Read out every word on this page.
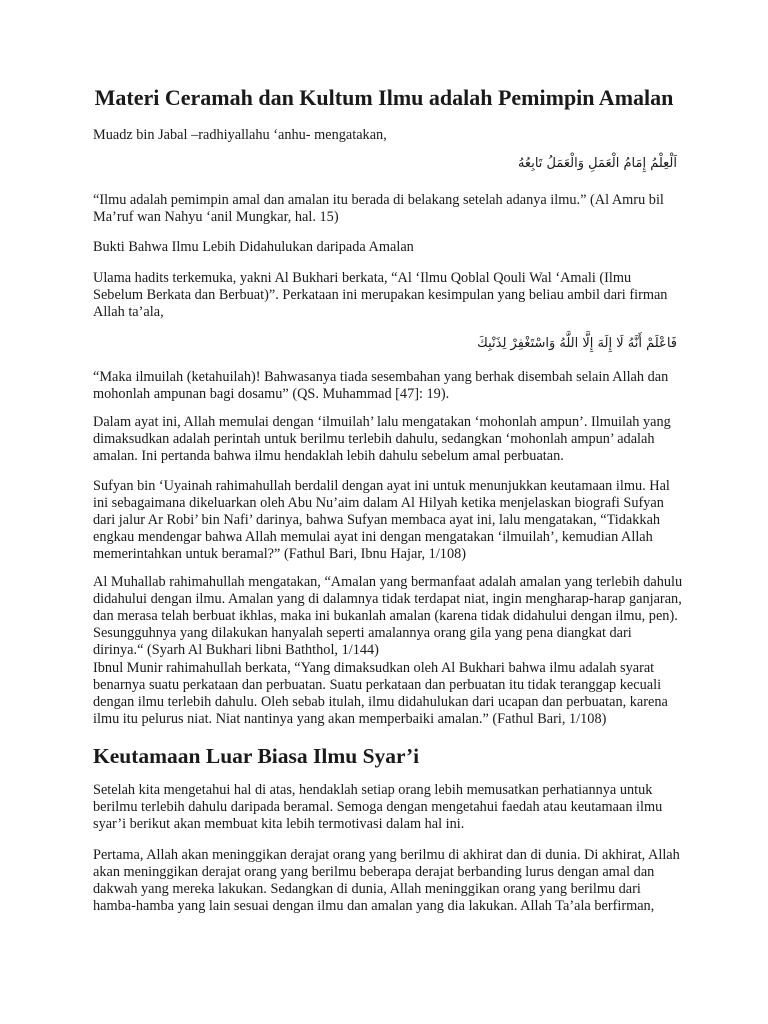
Materi Ceramah dan Kultum Ilmu adalah Pemimpin Amalan

Muadz bin Jabal –radhiyallahu ‘anhu- mengatakan,

اَلْعِلْمُ إِمَامُ الْعَمَلِ وَالْعَمَلُ تَابِعُهُ

“Ilmu adalah pemimpin amal dan amalan itu berada di belakang setelah adanya ilmu.” (Al Amru bil Ma’ruf wan Nahyu ‘anil Mungkar, hal. 15)

Bukti Bahwa Ilmu Lebih Didahulukan daripada Amalan

Ulama hadits terkemuka, yakni Al Bukhari berkata, “Al ‘Ilmu Qoblal Qouli Wal ‘Amali (Ilmu Sebelum Berkata dan Berbuat)”. Perkataan ini merupakan kesimpulan yang beliau ambil dari firman Allah ta’ala,

فَاعْلَمْ أَنَّهُ لَا إِلَهَ إِلَّا اللَّهُ وَاسْتَغْفِرْ لِذَنْبِكَ

“Maka ilmuilah (ketahuilah)! Bahwasanya tiada sesembahan yang berhak disembah selain Allah dan mohonlah ampunan bagi dosamu” (QS. Muhammad [47]: 19).

Dalam ayat ini, Allah memulai dengan ‘ilmuilah’ lalu mengatakan ‘mohonlah ampun’. Ilmuilah yang dimaksudkan adalah perintah untuk berilmu terlebih dahulu, sedangkan ‘mohonlah ampun’ adalah amalan. Ini pertanda bahwa ilmu hendaklah lebih dahulu sebelum amal perbuatan.

Sufyan bin ‘Uyainah rahimahullah berdalil dengan ayat ini untuk menunjukkan keutamaan ilmu. Hal ini sebagaimana dikeluarkan oleh Abu Nu’aim dalam Al Hilyah ketika menjelaskan biografi Sufyan dari jalur Ar Robi’ bin Nafi’ darinya, bahwa Sufyan membaca ayat ini, lalu mengatakan, “Tidakkah engkau mendengar bahwa Allah memulai ayat ini dengan mengatakan ‘ilmuilah’, kemudian Allah memerintahkan untuk beramal?” (Fathul Bari, Ibnu Hajar, 1/108)

Al Muhallab rahimahullah mengatakan, “Amalan yang bermanfaat adalah amalan yang terlebih dahulu didahului dengan ilmu. Amalan yang di dalamnya tidak terdapat niat, ingin mengharap-harap ganjaran, dan merasa telah berbuat ikhlas, maka ini bukanlah amalan (karena tidak didahului dengan ilmu, pen). Sesungguhnya yang dilakukan hanyalah seperti amalannya orang gila yang pena diangkat dari dirinya.“ (Syarh Al Bukhari libni Baththol, 1/144)

Ibnul Munir rahimahullah berkata, “Yang dimaksudkan oleh Al Bukhari bahwa ilmu adalah syarat benarnya suatu perkataan dan perbuatan. Suatu perkataan dan perbuatan itu tidak teranggap kecuali dengan ilmu terlebih dahulu. Oleh sebab itulah, ilmu didahulukan dari ucapan dan perbuatan, karena ilmu itu pelurus niat. Niat nantinya yang akan memperbaiki amalan.” (Fathul Bari, 1/108)

Keutamaan Luar Biasa Ilmu Syar’i

Setelah kita mengetahui hal di atas, hendaklah setiap orang lebih memusatkan perhatiannya untuk berilmu terlebih dahulu daripada beramal. Semoga dengan mengetahui faedah atau keutamaan ilmu syar’i berikut akan membuat kita lebih termotivasi dalam hal ini.

Pertama, Allah akan meninggikan derajat orang yang berilmu di akhirat dan di dunia. Di akhirat, Allah akan meninggikan derajat orang yang berilmu beberapa derajat berbanding lurus dengan amal dan dakwah yang mereka lakukan. Sedangkan di dunia, Allah meninggikan orang yang berilmu dari hamba-hamba yang lain sesuai dengan ilmu dan amalan yang dia lakukan. Allah Ta’ala berfirman,
